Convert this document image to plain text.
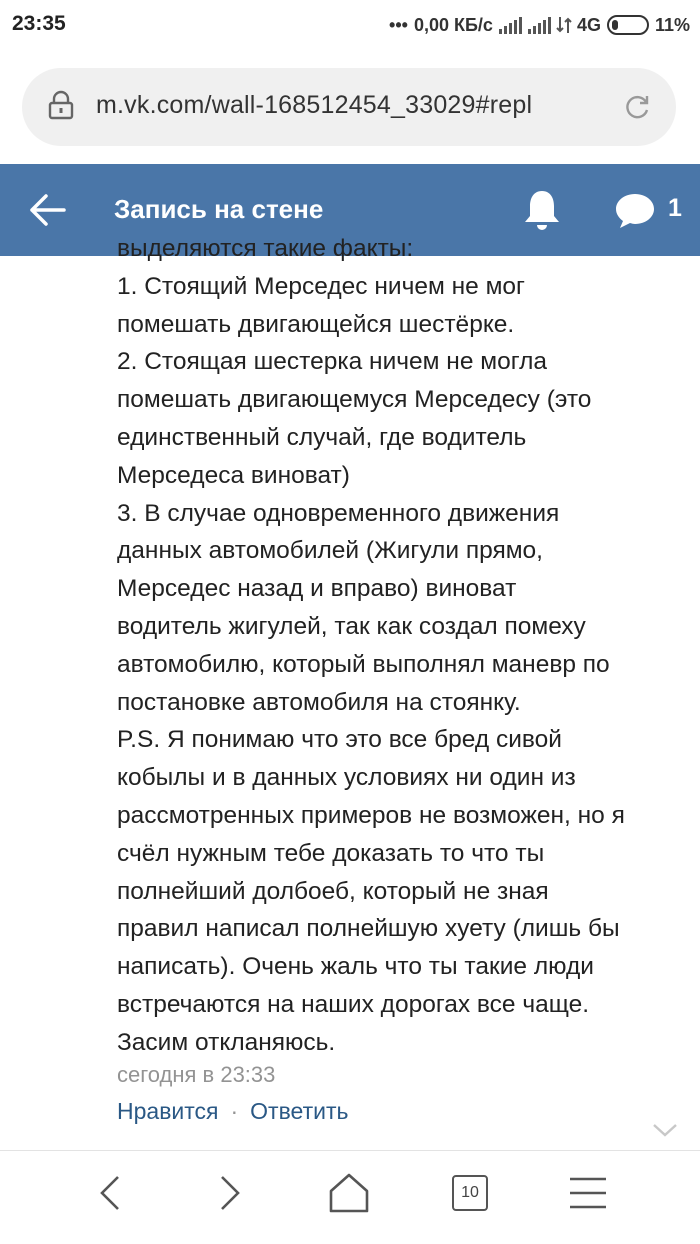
23:35	••• 0,00 КБ/с	4G	11%
m.vk.com/wall-168512454_33029#repl
Запись на стене	1
выделяются такие факты:
1. Стоящий Мерседес ничем не мог
помешать двигающейся шестёрке.
2. Стоящая шестерка ничем не могла
помешать двигающемуся Мерседесу (это
единственный случай, где водитель
Мерседеса виноват)
3. В случае одновременного движения
данных автомобилей (Жигули прямо,
Мерседес назад и вправо) виноват
водитель жигулей, так как создал помеху
автомобилю, который выполнял маневр по
постановке автомобиля на стоянку.
P.S. Я понимаю что это все бред сивой
кобылы и в данных условиях ни один из
рассмотренных примеров не возможен, но я
счёл нужным тебе доказать то что ты
полнейший долбоеб, который не зная
правил написал полнейшую хуету (лишь бы
написать). Очень жаль что ты такие люди
встречаются на наших дорогах все чаще.
Засим откланяюсь.
сегодня в 23:33
Нравится · Ответить
10
